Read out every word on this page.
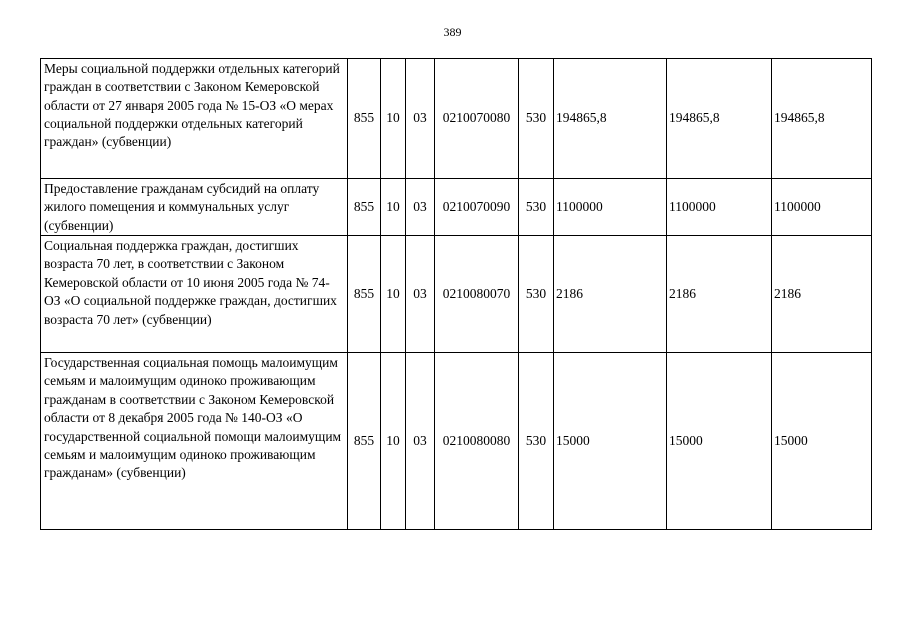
389
Меры социальной поддержки отдельных категорий граждан в соответствии с Законом Кемеровской области от 27 января 2005 года № 15-ОЗ «О мерах социальной поддержки отдельных категорий граждан» (субвенции)	855	10	03	0210070080	530	194865,8	194865,8	194865,8
Предоставление гражданам субсидий на оплату жилого помещения и коммунальных услуг (субвенции)	855	10	03	0210070090	530	1100000	1100000	1100000
Социальная поддержка граждан, достигших возраста 70 лет, в соответствии с Законом Кемеровской области от 10 июня 2005 года № 74-ОЗ «О социальной поддержке граждан, достигших возраста 70 лет» (субвенции)	855	10	03	0210080070	530	2186	2186	2186
Государственная социальная помощь малоимущим семьям и малоимущим одиноко проживающим гражданам в соответствии с Законом Кемеровской области от 8 декабря 2005 года № 140-ОЗ «О государственной социальной помощи малоимущим семьям и малоимущим одиноко проживающим гражданам» (субвенции)	855	10	03	0210080080	530	15000	15000	15000
